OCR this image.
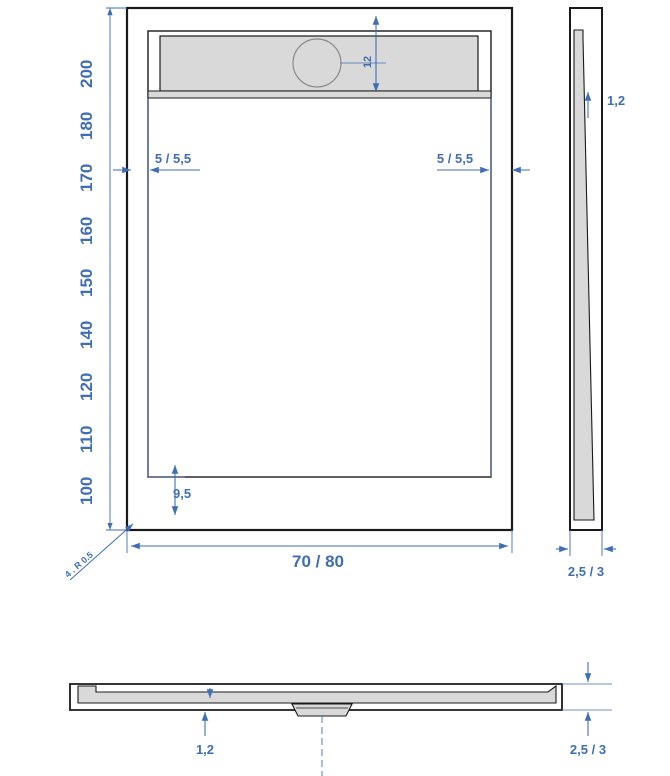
200
180
170
160
150
140
120
110
100
5 / 5,5	5 / 5,5
12
9,5
70 / 80
4 . R 0.5
1,2
2,5 / 3
1,2	2,5 / 3
